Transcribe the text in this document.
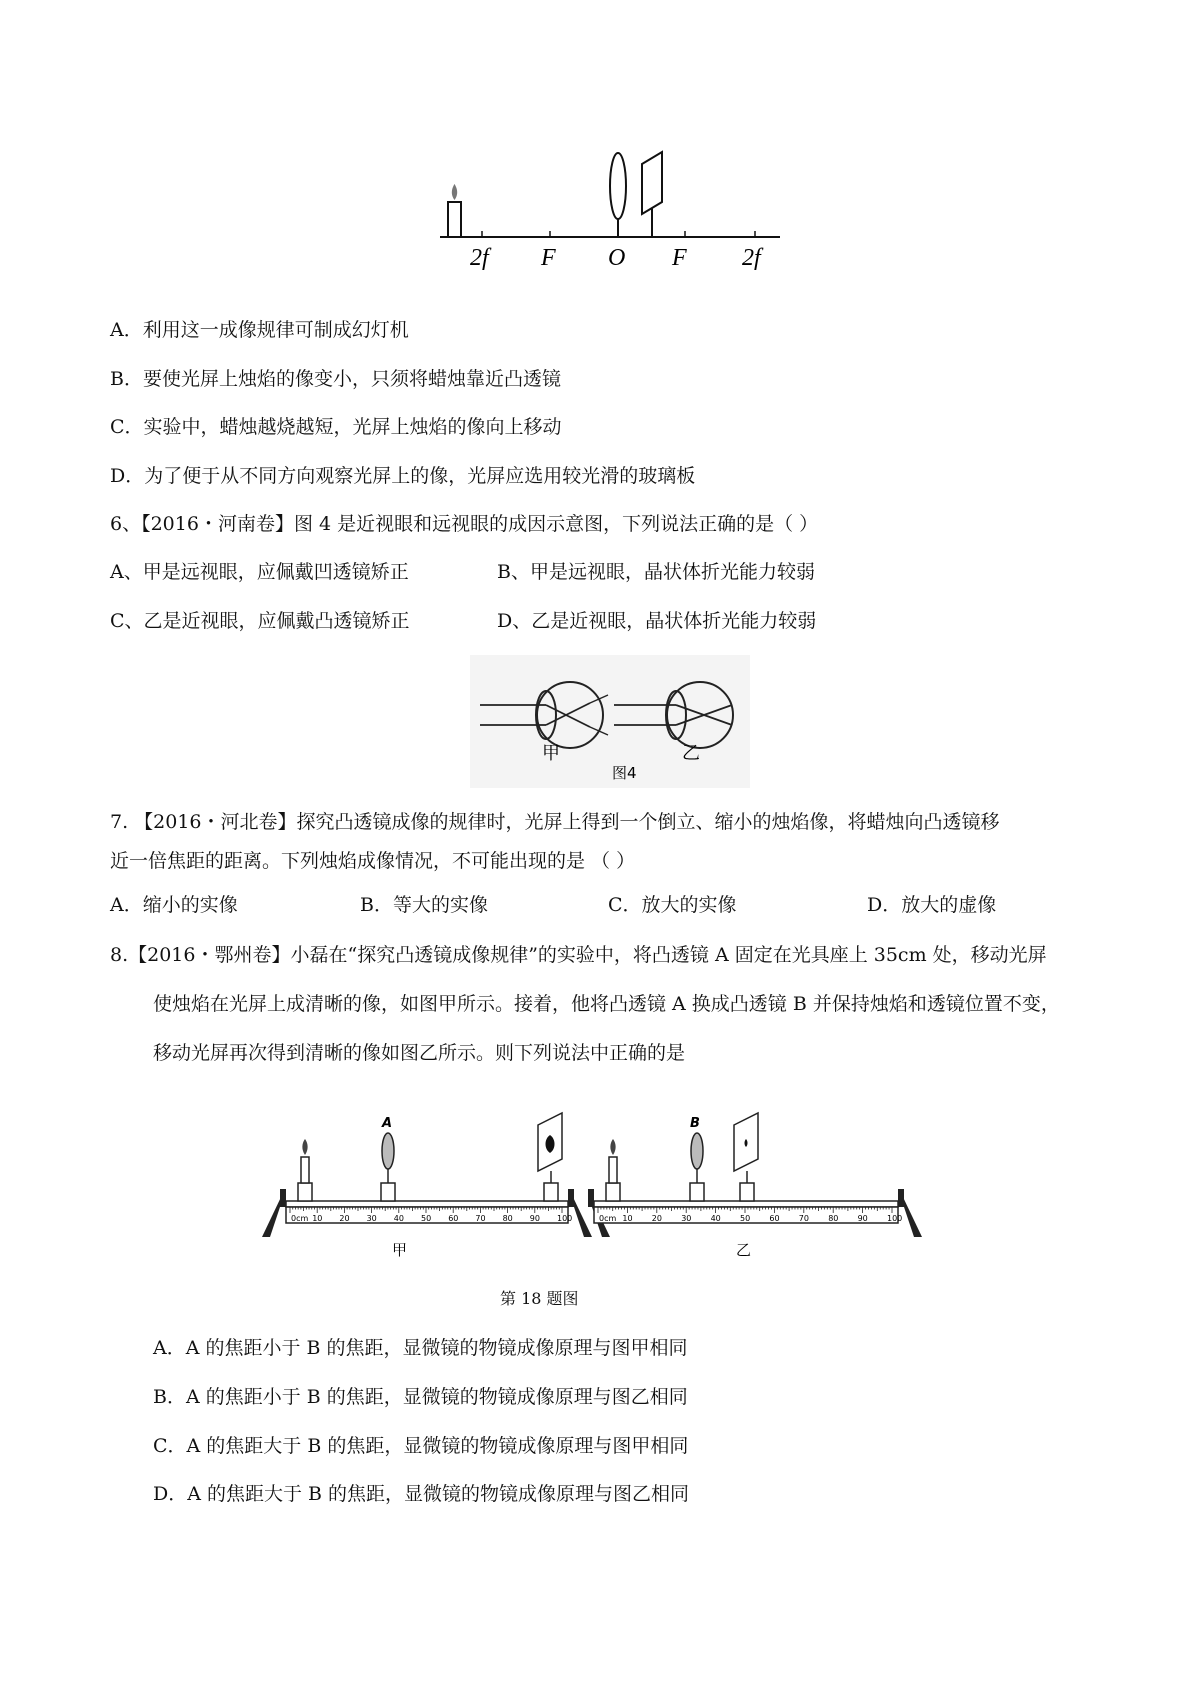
2f F O F 2f
A．利用这一成像规律可制成幻灯机
B．要使光屏上烛焰的像变小，只须将蜡烛靠近凸透镜
C．实验中，蜡烛越烧越短，光屏上烛焰的像向上移动
D．为了便于从不同方向观察光屏上的像，光屏应选用较光滑的玻璃板
6、【2016・河南卷】图 4 是近视眼和远视眼的成因示意图，下列说法正确的是（ ）
A、甲是远视眼，应佩戴凹透镜矫正	B、甲是远视眼，晶状体折光能力较弱
C、乙是近视眼，应佩戴凸透镜矫正	D、乙是近视眼，晶状体折光能力较弱
甲	乙
图4
7. 【2016・河北卷】探究凸透镜成像的规律时，光屏上得到一个倒立、缩小的烛焰像，将蜡烛向凸透镜移
近一倍焦距的距离。下列烛焰成像情况，不可能出现的是 （ ）
A．缩小的实像	B．等大的实像	C．放大的实像	D．放大的虚像
8.【2016・鄂州卷】小磊在“探究凸透镜成像规律”的实验中，将凸透镜 A 固定在光具座上 35cm 处，移动光屏
使烛焰在光屏上成清晰的像，如图甲所示。接着，他将凸透镜 A 换成凸透镜 B 并保持烛焰和透镜位置不变，
移动光屏再次得到清晰的像如图乙所示。则下列说法中正确的是
0cm 10 20 30 40 50 60 70 80 90 100
A
甲
0cm 10 20 30 40 50 60 70 80 90 100
B
乙
第 18 题图
A．A 的焦距小于 B 的焦距，显微镜的物镜成像原理与图甲相同
B．A 的焦距小于 B 的焦距，显微镜的物镜成像原理与图乙相同
C．A 的焦距大于 B 的焦距，显微镜的物镜成像原理与图甲相同
D．A 的焦距大于 B 的焦距，显微镜的物镜成像原理与图乙相同
